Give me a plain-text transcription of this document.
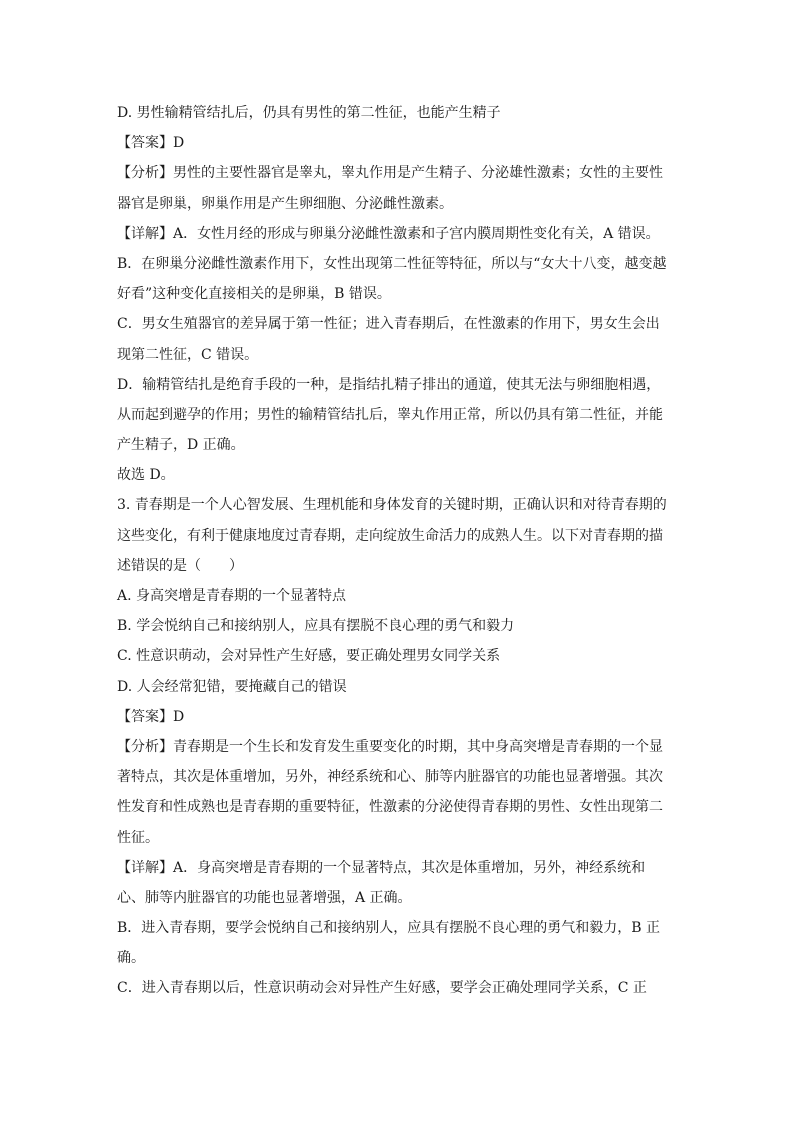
D. 男性输精管结扎后，仍具有男性的第二性征，也能产生精子
【答案】D
【分析】男性的主要性器官是睾丸，睾丸作用是产生精子、分泌雄性激素；女性的主要性
器官是卵巢，卵巢作用是产生卵细胞、分泌雌性激素。
【详解】A．女性月经的形成与卵巢分泌雌性激素和子宫内膜周期性变化有关，A 错误。
B．在卵巢分泌雌性激素作用下，女性出现第二性征等特征，所以与“女大十八变，越变越
好看”这种变化直接相关的是卵巢，B 错误。
C．男女生殖器官的差异属于第一性征；进入青春期后，在性激素的作用下，男女生会出
现第二性征，C 错误。
D．输精管结扎是绝育手段的一种，是指结扎精子排出的通道，使其无法与卵细胞相遇，
从而起到避孕的作用；男性的输精管结扎后，睾丸作用正常，所以仍具有第二性征，并能
产生精子，D 正确。
故选 D。
3. 青春期是一个人心智发展、生理机能和身体发育的关键时期，正确认识和对待青春期的
这些变化，有利于健康地度过青春期，走向绽放生命活力的成熟人生。以下对青春期的描
述错误的是（　　）
A. 身高突增是青春期的一个显著特点
B. 学会悦纳自己和接纳别人，应具有摆脱不良心理的勇气和毅力
C. 性意识萌动，会对异性产生好感，要正确处理男女同学关系
D. 人会经常犯错，要掩藏自己的错误
【答案】D
【分析】青春期是一个生长和发育发生重要变化的时期，其中身高突增是青春期的一个显
著特点，其次是体重增加，另外，神经系统和心、肺等内脏器官的功能也显著增强。其次
性发育和性成熟也是青春期的重要特征，性激素的分泌使得青春期的男性、女性出现第二
性征。
【详解】A．身高突增是青春期的一个显著特点，其次是体重增加，另外，神经系统和
心、肺等内脏器官的功能也显著增强，A 正确。
B．进入青春期，要学会悦纳自己和接纳别人，应具有摆脱不良心理的勇气和毅力，B 正
确。
C．进入青春期以后，性意识萌动会对异性产生好感，要学会正确处理同学关系，C 正
